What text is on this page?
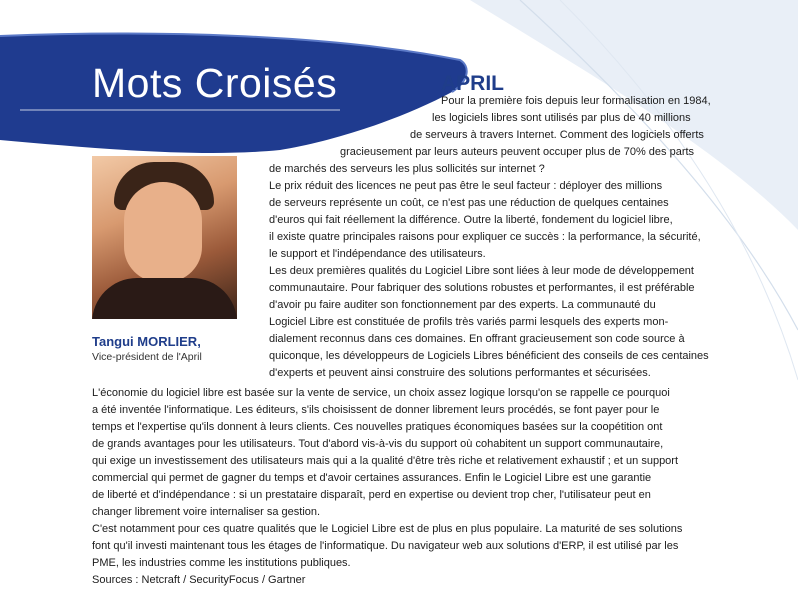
Mots Croisés	APRIL

Tangui MORLIER,

Vice-président de l'April

Pour la première fois depuis leur formalisation en 1984,

les logiciels libres sont utilisés par plus de 40 millions

de serveurs à travers Internet. Comment des logiciels offerts

gracieusement par leurs auteurs peuvent occuper plus de 70% des parts

de marchés des serveurs les plus sollicités sur internet ?

Le prix réduit des licences ne peut pas être le seul facteur : déployer des millions

de serveurs représente un coût, ce n'est pas une réduction de quelques centaines

d'euros qui fait réellement la différence. Outre la liberté, fondement du logiciel libre,

il existe quatre principales raisons pour expliquer ce succès : la performance, la sécurité,

le support et l'indépendance des utilisateurs.

Les deux premières qualités du Logiciel Libre sont liées à leur mode de développement

communautaire. Pour fabriquer des solutions robustes et performantes, il est préférable

d'avoir pu faire auditer son fonctionnement par des experts. La communauté du

Logiciel Libre est constituée de profils très variés parmi lesquels des experts mon-

dialement reconnus dans ces domaines. En offrant gracieusement son code source à

quiconque, les développeurs de Logiciels Libres bénéficient des conseils de ces centaines

d'experts et peuvent ainsi construire des solutions performantes et sécurisées.

L'économie du logiciel libre est basée sur la vente de service, un choix assez logique lorsqu'on se rappelle ce pourquoi

a été inventée l'informatique. Les éditeurs, s'ils choisissent de donner librement leurs procédés, se font payer pour le

temps et l'expertise qu'ils donnent à leurs clients. Ces nouvelles pratiques économiques basées sur la coopétition ont

de grands avantages pour les utilisateurs. Tout d'abord vis-à-vis du support où cohabitent un support communautaire,

qui exige un investissement des utilisateurs mais qui a la qualité d'être très riche et relativement exhaustif ; et un support

commercial qui permet de gagner du temps et d'avoir certaines assurances. Enfin le Logiciel Libre est une garantie

de liberté et d'indépendance : si un prestataire disparaît, perd en expertise ou devient trop cher, l'utilisateur peut en

changer librement voire internaliser sa gestion.

C'est notamment pour ces quatre qualités que le Logiciel Libre est de plus en plus populaire. La maturité de ses solutions

font qu'il investi maintenant tous les étages de l'informatique. Du navigateur web aux solutions d'ERP, il est utilisé par les

PME, les industries comme les institutions publiques.

Sources : Netcraft / SecurityFocus / Gartner
